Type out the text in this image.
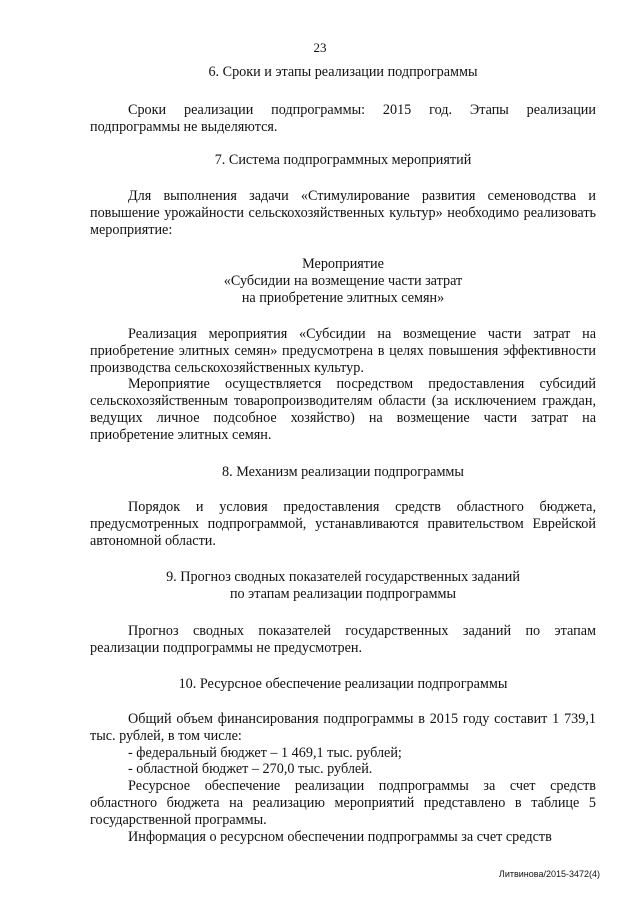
23
6. Сроки и этапы реализации подпрограммы

Сроки реализации подпрограммы: 2015 год. Этапы реализации подпрограммы не выделяются.

7. Система подпрограммных мероприятий

Для выполнения задачи «Стимулирование развития семеноводства и повышение урожайности сельскохозяйственных культур» необходимо реализовать мероприятие:

Мероприятие

«Субсидии на возмещение части затрат

на приобретение элитных семян»

Реализация мероприятия «Субсидии на возмещение части затрат на приобретение элитных семян» предусмотрена в целях повышения эффективности производства сельскохозяйственных культур.

Мероприятие осуществляется посредством предоставления субсидий сельскохозяйственным товаропроизводителям области (за исключением граждан, ведущих личное подсобное хозяйство) на возмещение части затрат на приобретение элитных семян.

8. Механизм реализации подпрограммы

Порядок и условия предоставления средств областного бюджета, предусмотренных подпрограммой, устанавливаются правительством Еврейской автономной области.

9. Прогноз сводных показателей государственных заданий
по этапам реализации подпрограммы

Прогноз сводных показателей государственных заданий по этапам реализации подпрограммы не предусмотрен.

10. Ресурсное обеспечение реализации подпрограммы

Общий объем финансирования подпрограммы в 2015 году составит 1 739,1 тыс. рублей, в том числе:

- федеральный бюджет – 1 469,1 тыс. рублей;

- областной бюджет – 270,0 тыс. рублей.

Ресурсное обеспечение реализации подпрограммы за счет средств областного бюджета на реализацию мероприятий представлено в таблице 5 государственной программы.

Информация о ресурсном обеспечении подпрограммы за счет средств

Литвинова/2015-3472(4)
